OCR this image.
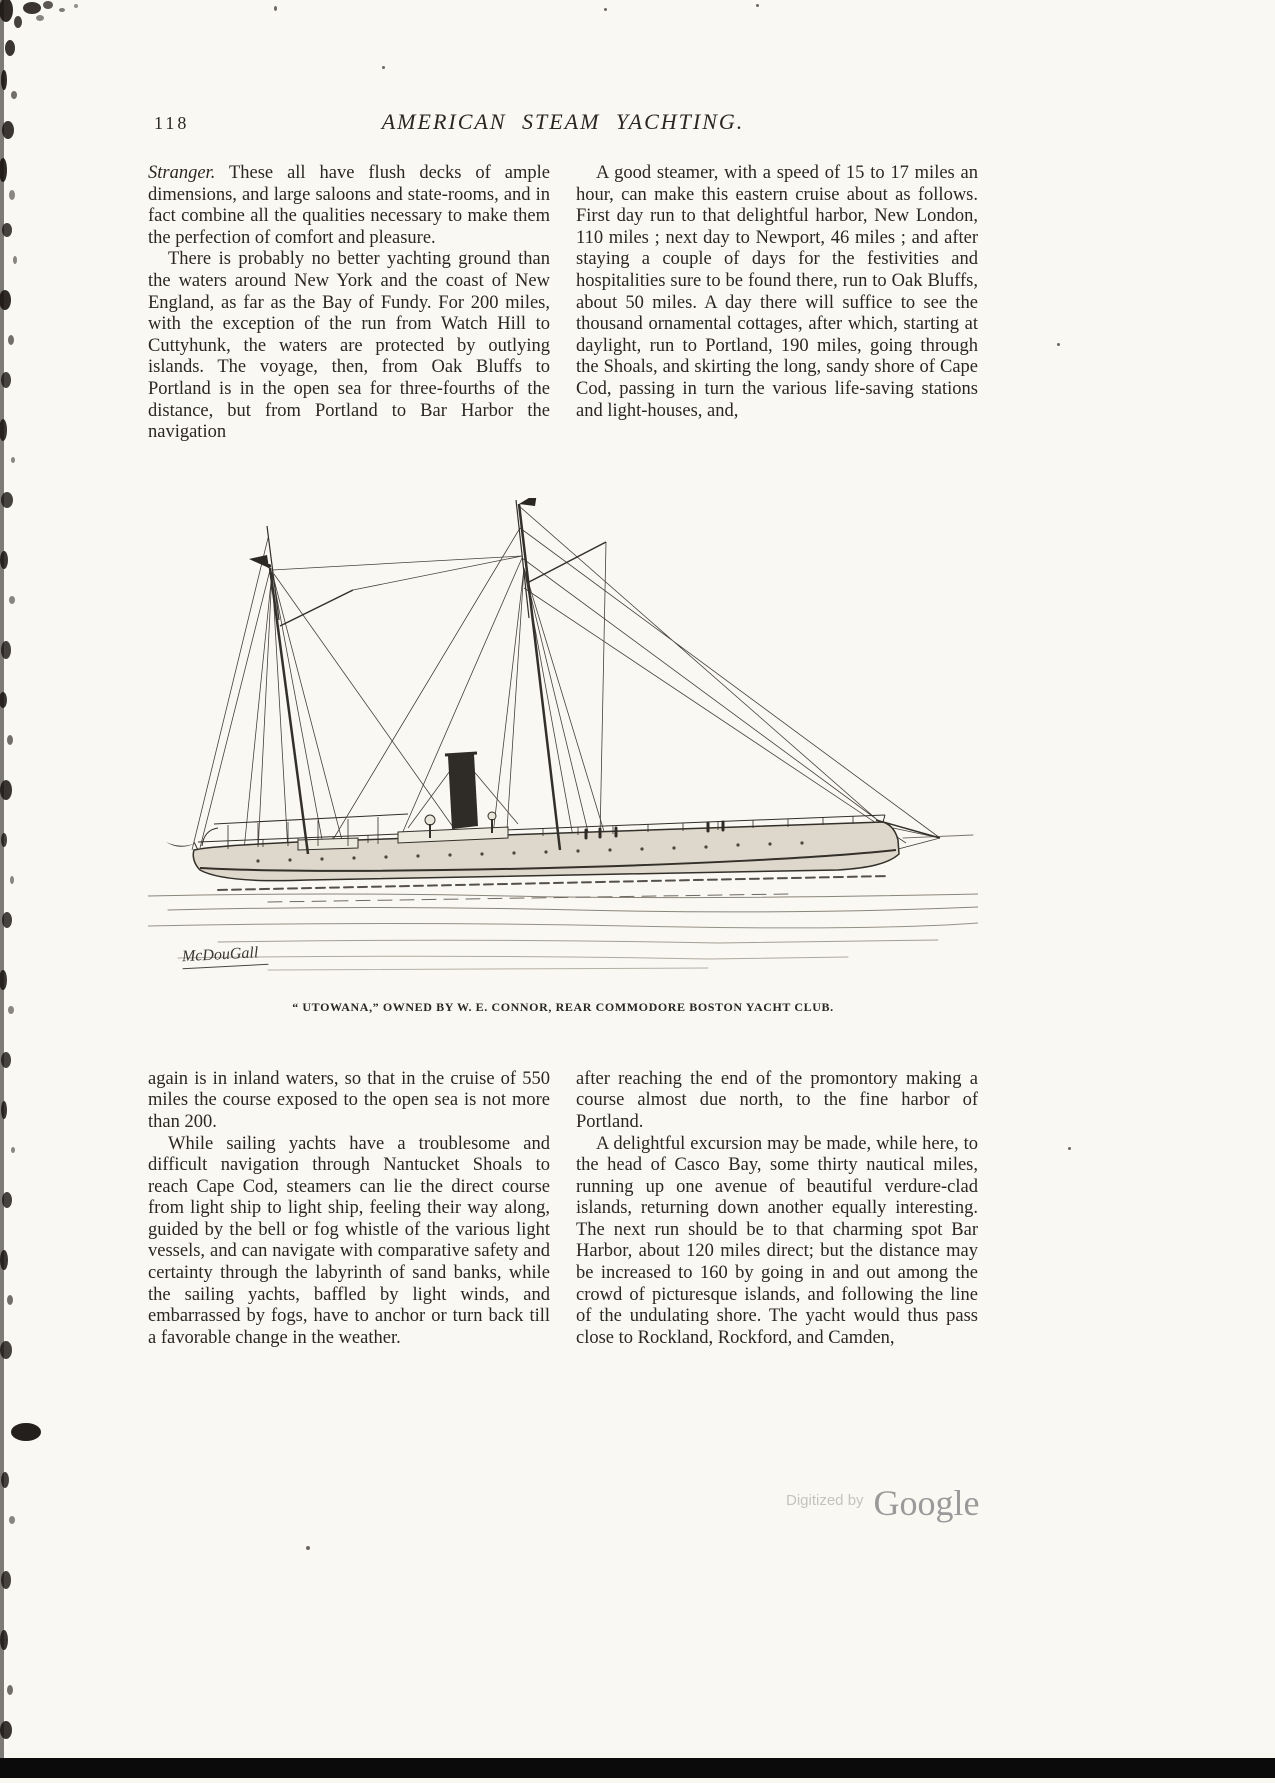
118	AMERICAN STEAM YACHTING.

Stranger. These all have flush decks of ample dimensions, and large saloons and state-rooms, and in fact combine all the qualities necessary to make them the perfection of comfort and pleasure.

There is probably no better yachting ground than the waters around New York and the coast of New England, as far as the Bay of Fundy. For 200 miles, with the exception of the run from Watch Hill to Cuttyhunk, the waters are protected by outlying islands. The voyage, then, from Oak Bluffs to Portland is in the open sea for three-fourths of the distance, but from Portland to Bar Harbor the navigation

A good steamer, with a speed of 15 to 17 miles an hour, can make this eastern cruise about as follows. First day run to that delightful harbor, New London, 110 miles ; next day to Newport, 46 miles ; and after staying a couple of days for the festivities and hospitalities sure to be found there, run to Oak Bluffs, about 50 miles. A day there will suffice to see the thousand ornamental cottages, after which, starting at daylight, run to Portland, 190 miles, going through the Shoals, and skirting the long, sandy shore of Cape Cod, passing in turn the various life-saving stations and light-houses, and,

McDouGall
“ UTOWANA,” OWNED BY W. E. CONNOR, REAR COMMODORE BOSTON YACHT CLUB.

again is in inland waters, so that in the cruise of 550 miles the course exposed to the open sea is not more than 200.

While sailing yachts have a troublesome and difficult navigation through Nantucket Shoals to reach Cape Cod, steamers can lie the direct course from light ship to light ship, feeling their way along, guided by the bell or fog whistle of the various light vessels, and can navigate with comparative safety and certainty through the labyrinth of sand banks, while the sailing yachts, baffled by light winds, and embarrassed by fogs, have to anchor or turn back till a favorable change in the weather.

after reaching the end of the promontory making a course almost due north, to the fine harbor of Portland.

A delightful excursion may be made, while here, to the head of Casco Bay, some thirty nautical miles, running up one avenue of beautiful verdure-clad islands, returning down another equally interesting. The next run should be to that charming spot Bar Harbor, about 120 miles direct; but the distance may be increased to 160 by going in and out among the crowd of picturesque islands, and following the line of the undulating shore. The yacht would thus pass close to Rockland, Rockford, and Camden,

Digitized by Google
